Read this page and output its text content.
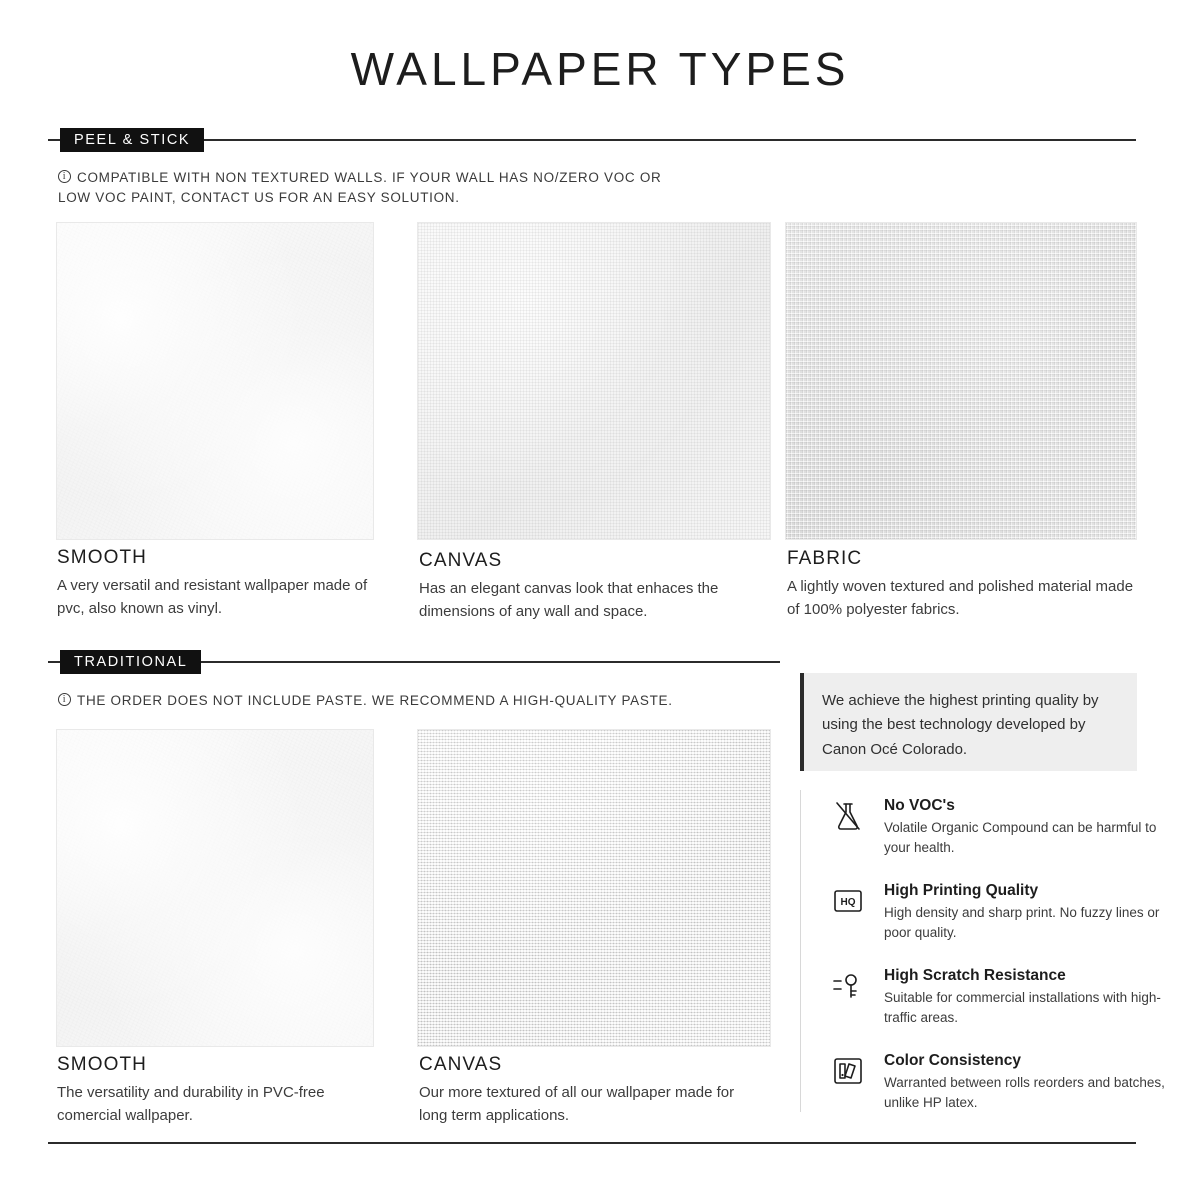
WALLPAPER TYPES
PEEL & STICK
iCOMPATIBLE WITH NON TEXTURED WALLS. IF YOUR WALL HAS NO/ZERO VOC OR LOW VOC PAINT, CONTACT US FOR AN EASY SOLUTION.
SMOOTH
A very versatil and resistant wallpaper made of pvc, also known as vinyl.
CANVAS
Has an elegant canvas look that enhaces the dimensions of any wall and space.
FABRIC
A lightly woven textured and polished material made of 100% polyester fabrics.
TRADITIONAL
iTHE ORDER DOES NOT INCLUDE PASTE. WE RECOMMEND A HIGH-QUALITY PASTE.
SMOOTH
The versatility and durability in PVC-free comercial wallpaper.
CANVAS
Our more textured of all our wallpaper made for long term applications.
We achieve the highest printing quality by using the best technology developed by Canon Océ Colorado.
No VOC's
Volatile Organic Compound can be harmful to your health.
HQ
High Printing Quality
High density and sharp print. No fuzzy lines or poor quality.
High Scratch Resistance
Suitable for commercial installations with high-traffic areas.
Color Consistency
Warranted between rolls reorders and batches, unlike HP latex.
